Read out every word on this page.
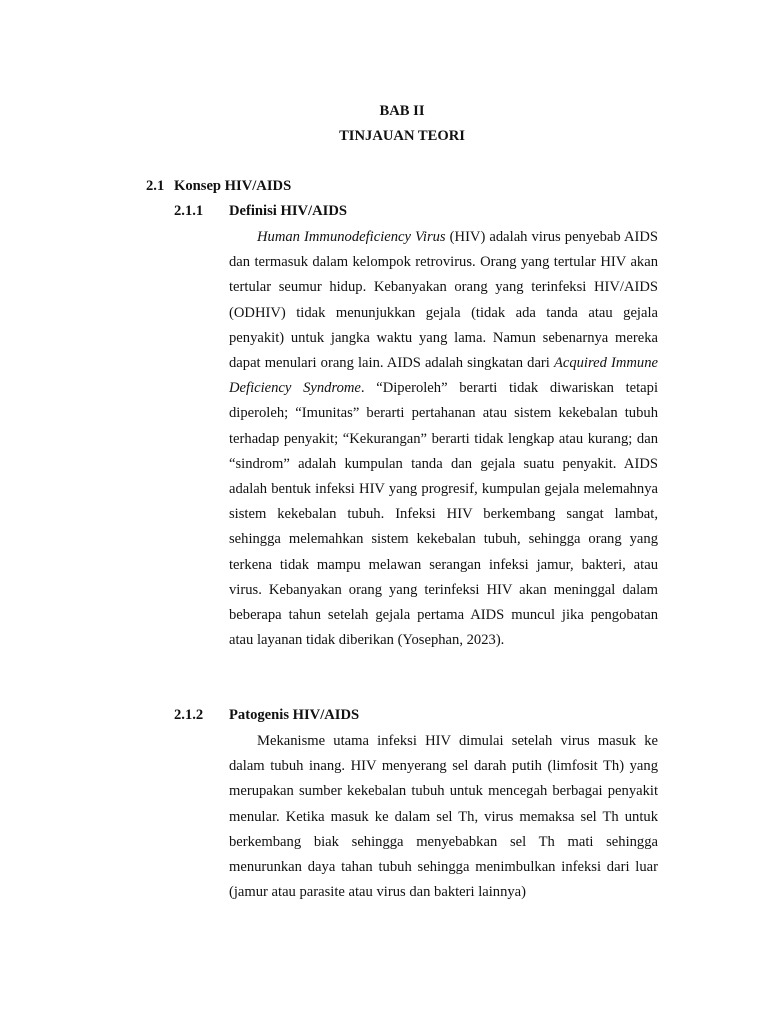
BAB II

TINJAUAN TEORI

2.1 Konsep HIV/AIDS
2.1.1 Definisi HIV/AIDS

Human Immunodeficiency Virus (HIV) adalah virus penyebab AIDS dan termasuk dalam kelompok retrovirus. Orang yang tertular HIV akan tertular seumur hidup. Kebanyakan orang yang terinfeksi HIV/AIDS (ODHIV) tidak menunjukkan gejala (tidak ada tanda atau gejala penyakit) untuk jangka waktu yang lama. Namun sebenarnya mereka dapat menulari orang lain. AIDS adalah singkatan dari Acquired Immune Deficiency Syndrome. “Diperoleh” berarti tidak diwariskan tetapi diperoleh; “Imunitas” berarti pertahanan atau sistem kekebalan tubuh terhadap penyakit; “Kekurangan” berarti tidak lengkap atau kurang; dan “sindrom” adalah kumpulan tanda dan gejala suatu penyakit. AIDS adalah bentuk infeksi HIV yang progresif, kumpulan gejala melemahnya sistem kekebalan tubuh. Infeksi HIV berkembang sangat lambat, sehingga melemahkan sistem kekebalan tubuh, sehingga orang yang terkena tidak mampu melawan serangan infeksi jamur, bakteri, atau virus. Kebanyakan orang yang terinfeksi HIV akan meninggal dalam beberapa tahun setelah gejala pertama AIDS muncul jika pengobatan atau layanan tidak diberikan (Yosephan, 2023).

2.1.2 Patogenis HIV/AIDS

Mekanisme utama infeksi HIV dimulai setelah virus masuk ke dalam tubuh inang. HIV menyerang sel darah putih (limfosit Th) yang merupakan sumber kekebalan tubuh untuk mencegah berbagai penyakit menular. Ketika masuk ke dalam sel Th, virus memaksa sel Th untuk berkembang biak sehingga menyebabkan sel Th mati sehingga menurunkan daya tahan tubuh sehingga menimbulkan infeksi dari luar (jamur atau parasite atau virus dan bakteri lainnya)
